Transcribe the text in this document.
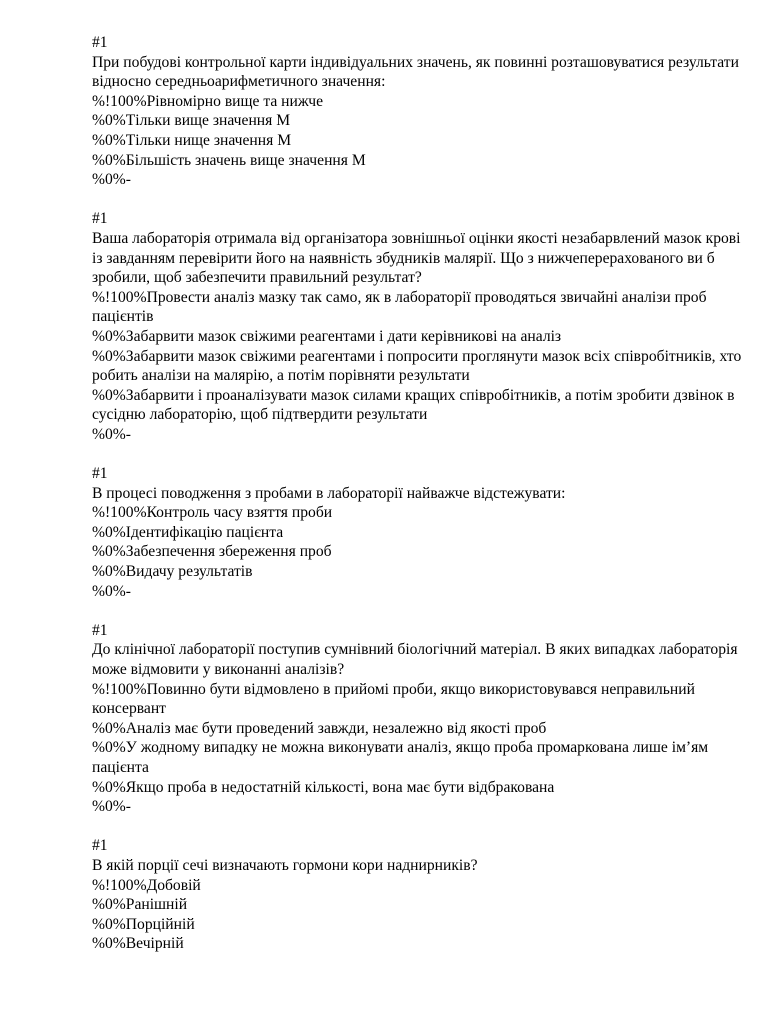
#1
При побудові контрольної карти індивідуальних значень, як повинні розташовуватися результати відносно середньоарифметичного значення:
%!100%Рівномірно вище та нижче
%0%Тільки вище значення М
%0%Тільки нище значення М
%0%Більшість значень вище значення М
%0%-
#1
Ваша лабораторія отримала від організатора зовнішньої оцінки якості незабарвлений мазок крові із завданням перевірити його на наявність збудників малярії. Що з нижчеперерахованого ви б зробили, щоб забезпечити правильний результат?
%!100%Провести аналіз мазку так само, як в лабораторії проводяться звичайні аналізи проб пацієнтів
%0%Забарвити мазок свіжими реагентами і дати керівникові на аналіз
%0%Забарвити мазок свіжими реагентами і попросити проглянути мазок всіх співробітників, хто робить аналізи на малярію, а потім порівняти результати
%0%Забарвити і проаналізувати мазок силами кращих співробітників, а потім зробити дзвінок в сусідню лабораторію, щоб підтвердити результати
%0%-
#1
В процесі поводження з пробами в лабораторії найважче відстежувати:
%!100%Контроль часу взяття проби
%0%Ідентифікацію пацієнта
%0%Забезпечення збереження проб
%0%Видачу результатів
%0%-
#1
До клінічної лабораторії поступив сумнівний біологічний матеріал. В яких випадках лабораторія може відмовити у виконанні аналізів?
%!100%Повинно бути відмовлено в прийомі проби, якщо використовувався неправильний консервант
%0%Аналіз має бути проведений завжди, незалежно від якості проб
%0%У жодному випадку не можна виконувати аналіз, якщо проба промаркована лише ім’ям пацієнта
%0%Якщо проба в недостатній кількості, вона має бути відбракована
%0%-
#1
В якій порції сечі визначають гормони кори наднирників?
%!100%Добовій
%0%Ранішній
%0%Порційній
%0%Вечірній
